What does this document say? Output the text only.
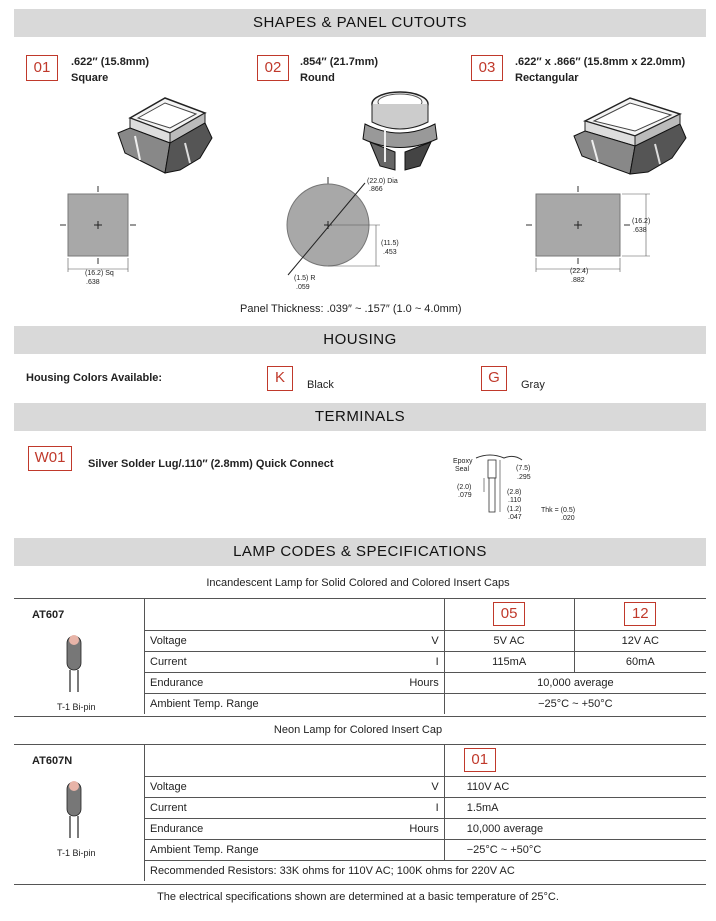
SHAPES & PANEL CUTOUTS
01	.622″ (15.8mm)
Square
02	.854″ (21.7mm)
Round
03	.622″ x .866″ (15.8mm x 22.0mm)
Rectangular
(16.2) Sq
.638
(22.0) Dia
.866
(11.5)
.453
(1.5) R
.059
(16.2)
.638
(22.4)
.882
Panel Thickness: .039″ ~ .157″ (1.0 ~ 4.0mm)
HOUSING
Housing Colors Available:	K	Black	G	Gray
TERMINALS
W01	Silver Solder Lug/.110″ (2.8mm) Quick Connect	Epoxy
Seal	(7.5)
.295
(2.0)
.079	(2.8)
.110
(1.2)
.047
Thk = (0.5)
.020
LAMP CODES & SPECIFICATIONS
Incandescent Lamp for Solid Colored and Colored Insert Caps
AT607
T-1 Bi-pin
	05	12
Voltage V	5V AC	12V AC
Current I	115mA	60mA
Endurance Hours	10,000 average	
Ambient Temp. Range	−25°C ~ +50°C	
Neon Lamp for Colored Insert Cap
AT607N
T-1 Bi-pin
	01
Voltage V	110V AC
Current I	1.5mA
Endurance Hours	10,000 average
Ambient Temp. Range	−25°C ~ +50°C
Recommended Resistors: 33K ohms for 110V AC; 100K ohms for 220V AC	
The electrical specifications shown are determined at a basic temperature of 25°C.
